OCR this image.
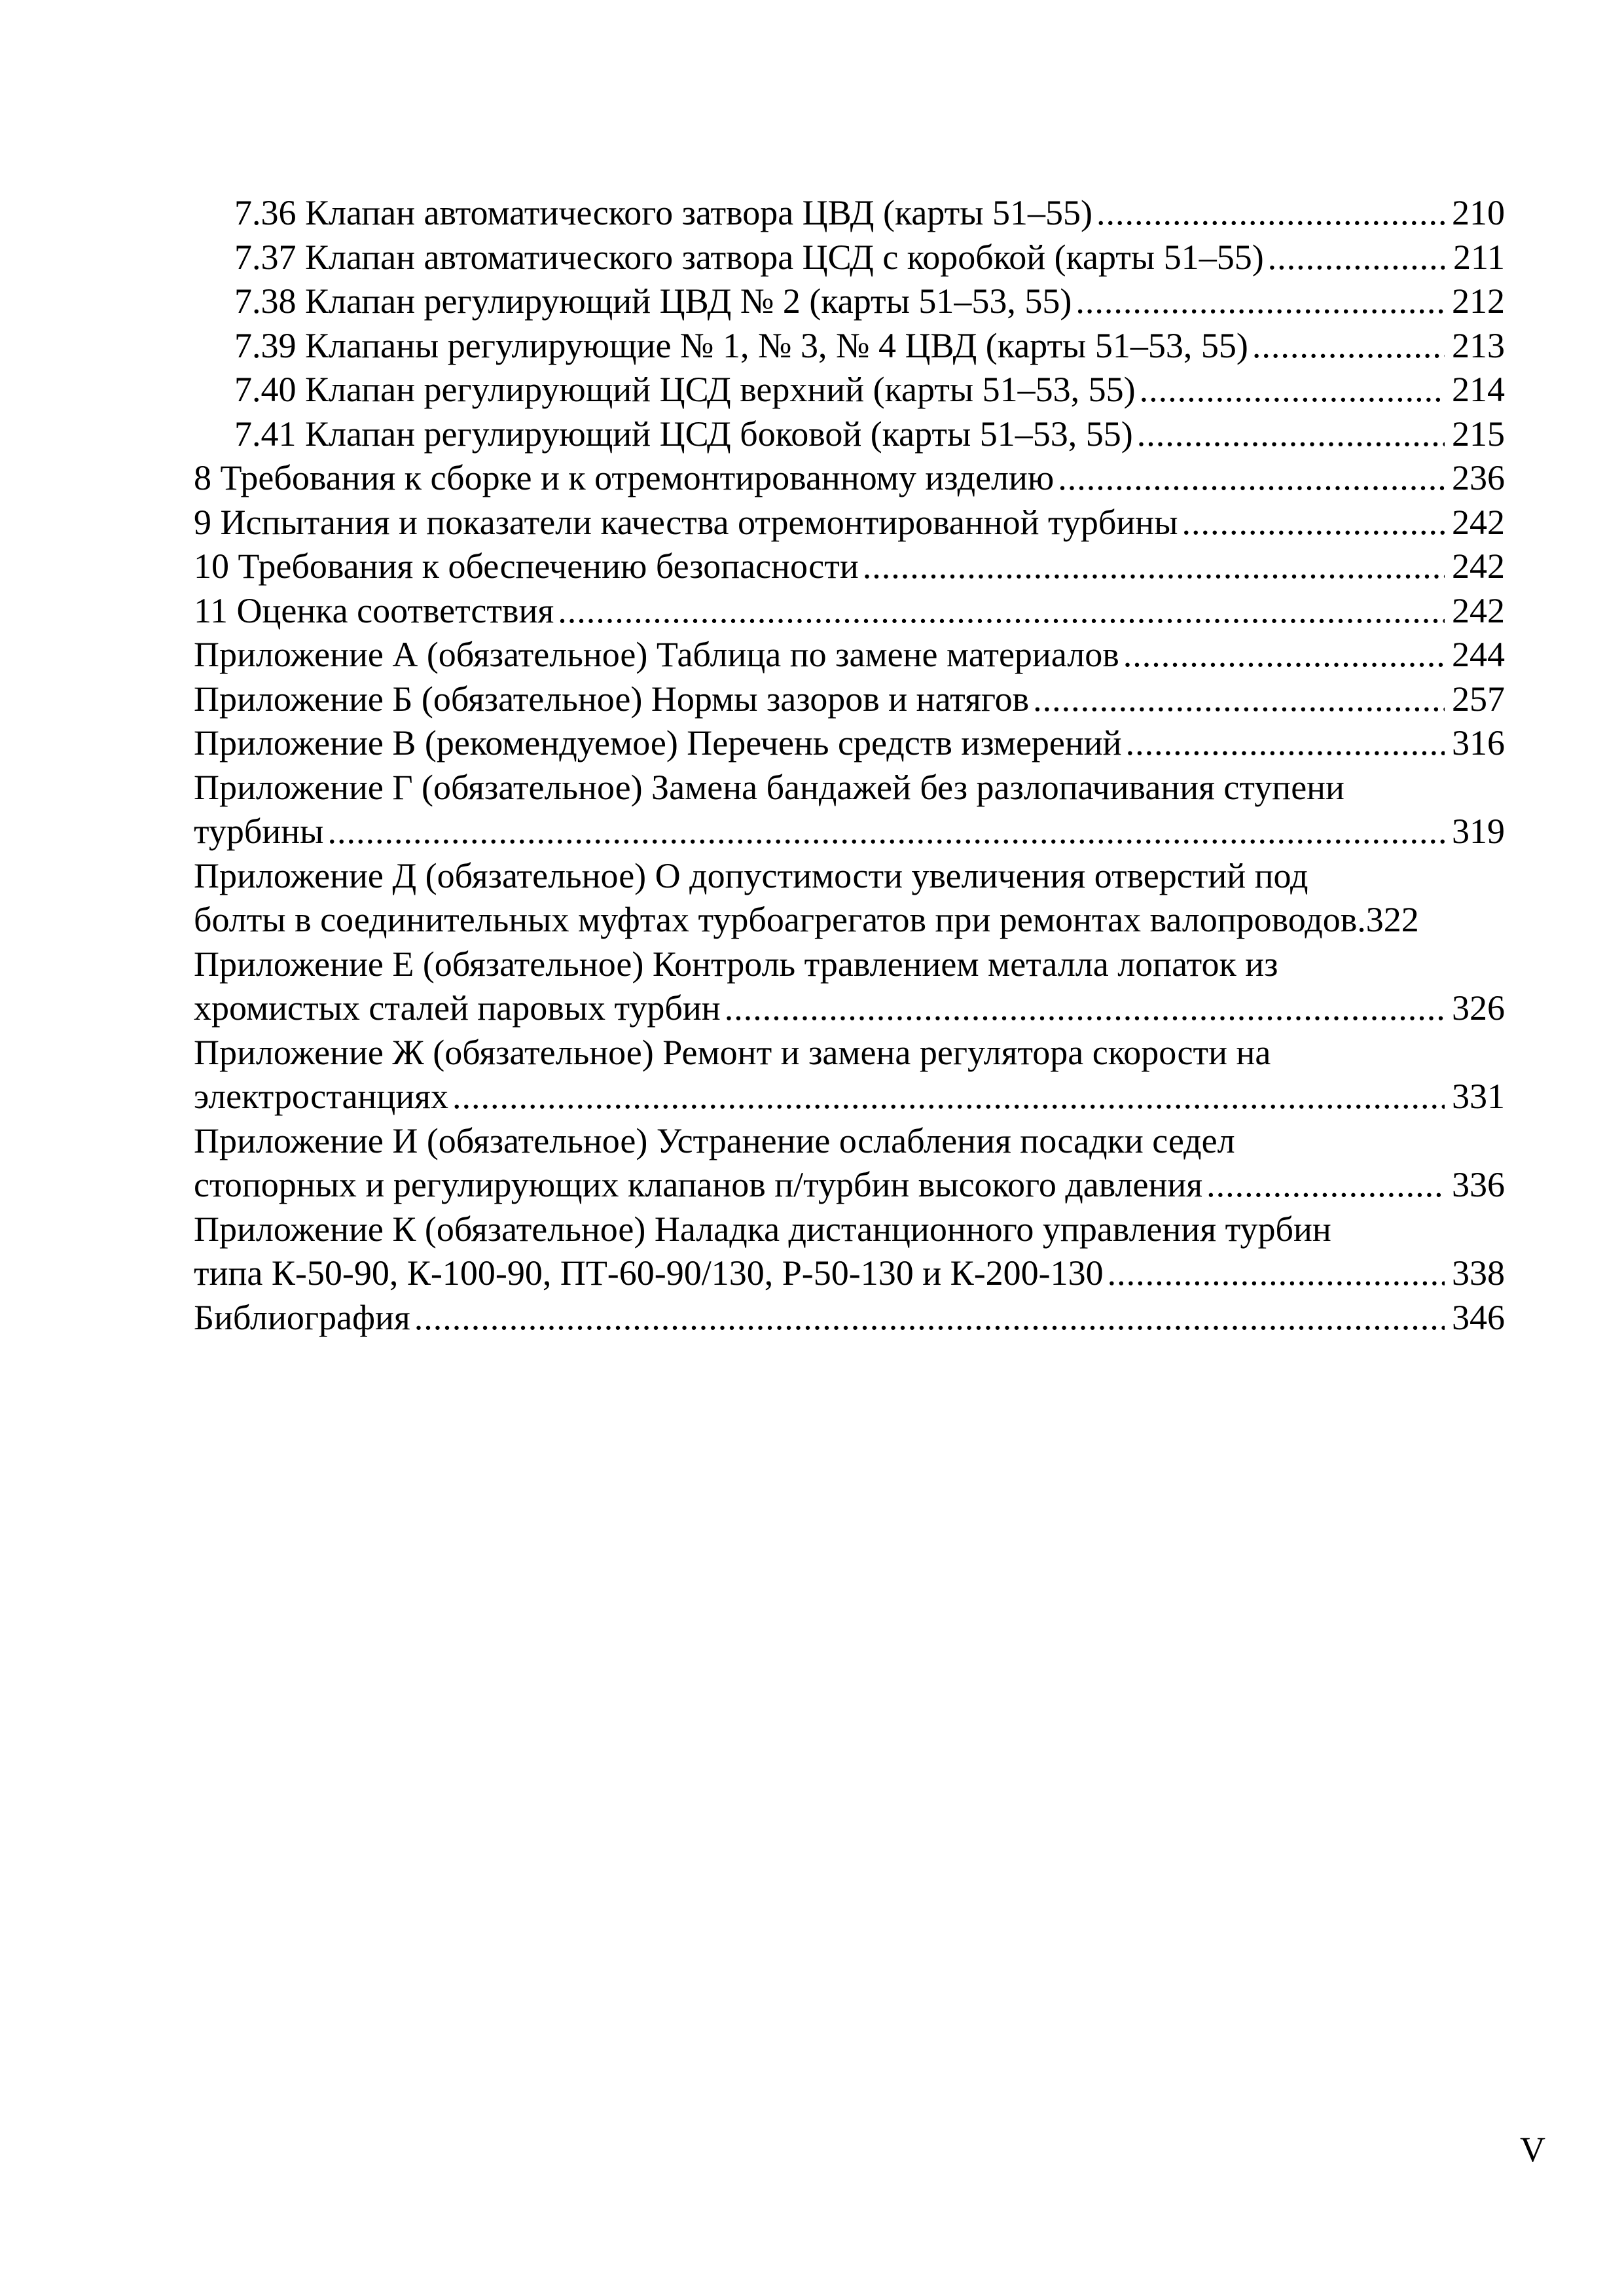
7.36 Клапан автоматического затвора ЦВД (карты 51–55) .....	210
7.37 Клапан автоматического затвора ЦСД с коробкой (карты 51–55) .....	211
7.38 Клапан регулирующий ЦВД № 2 (карты 51–53, 55) .....	212
7.39 Клапаны регулирующие № 1, № 3, № 4 ЦВД (карты 51–53, 55) .....	213
7.40 Клапан регулирующий ЦСД верхний (карты 51–53, 55) .....	214
7.41 Клапан регулирующий ЦСД боковой (карты 51–53, 55) .....	215
8 Требования к сборке и к отремонтированному изделию .....	236
9 Испытания и показатели качества отремонтированной турбины .....	242
10 Требования к обеспечению безопасности .....	242
11 Оценка соответствия .....	242
Приложение А (обязательное) Таблица по замене материалов .....	244
Приложение Б (обязательное) Нормы зазоров и натягов .....	257
Приложение В (рекомендуемое) Перечень средств измерений .....	316
Приложение Г (обязательное) Замена бандажей без разлопачивания ступени
турбины .....	319
Приложение Д (обязательное) О допустимости увеличения отверстий под
болты в соединительных муфтах турбоагрегатов при ремонтах валопроводов.322
Приложение Е (обязательное) Контроль травлением металла лопаток из
хромистых сталей паровых турбин .....	326
Приложение Ж (обязательное) Ремонт и замена регулятора скорости на
электростанциях .....	331
Приложение И (обязательное) Устранение ослабления посадки седел
стопорных и регулирующих клапанов п/турбин высокого давления .....	336
Приложение К (обязательное) Наладка дистанционного управления турбин
типа К-50-90, К-100-90, ПТ-60-90/130, Р-50-130 и К-200-130 .....	338
Библиография .....	346
V
